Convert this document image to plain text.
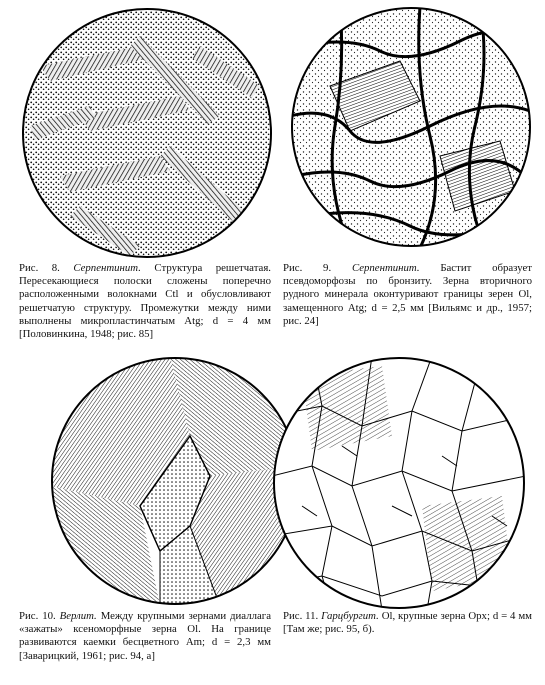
Рис. 8. Серпентинит. Структура решетчатая. Пересекающиеся полоски сложены поперечно расположенными волокнами Ctl и обусловливают решетчатую структуру. Промежутки между ними выполнены микропластинчатым Atg; d = 4 мм [Половинкина, 1948; рис. 85]
Рис. 9. Серпентинит. Бастит образует псевдоморфозы по бронзиту. Зерна вторичного рудного минерала оконтуривают границы зерен Ol, замещенного Atg; d = 2,5 мм [Вильямс и др., 1957; рис. 24]
Рис. 10. Верлит. Между крупными зернами диаллага «зажаты» ксеноморфные зерна Ol. На границе развиваются каемки бесцветного Am; d = 2,3 мм [Заварицкий, 1961; рис. 94, а]
Рис. 11. Гарцбургит. Ol, крупные зерна Opx; d = 4 мм [Там же; рис. 95, б).
